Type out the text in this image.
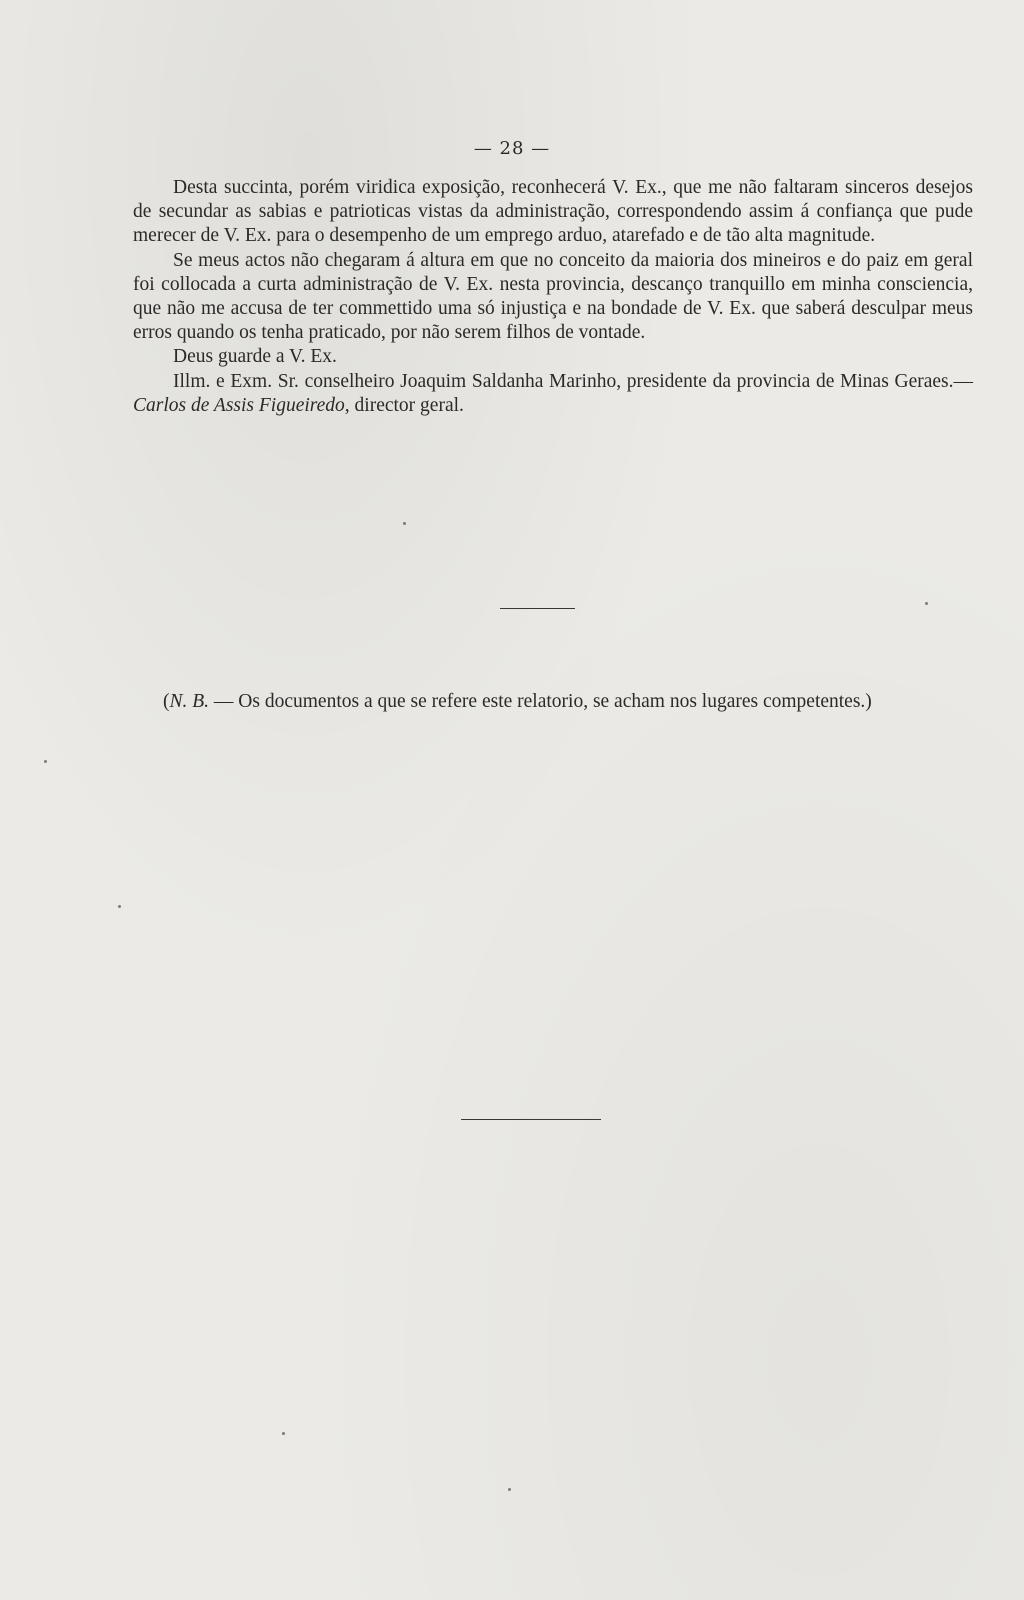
— 28 —

Desta succinta, porém viridica exposição, reconhecerá V. Ex., que me não faltaram sinceros desejos de secundar as sabias e patrioticas vistas da administração, correspondendo assim á confiança que pude merecer de V. Ex. para o desempenho de um emprego arduo, atarefado e de tão alta magnitude.

Se meus actos não chegaram á altura em que no conceito da maioria dos mineiros e do paiz em geral foi collocada a curta administração de V. Ex. nesta provincia, descanço tranquillo em minha consciencia, que não me accusa de ter commettido uma só injustiça e na bondade de V. Ex. que saberá desculpar meus erros quando os tenha praticado, por não serem filhos de vontade.

Deus guarde a V. Ex.

Illm. e Exm. Sr. conselheiro Joaquim Saldanha Marinho, presidente da provincia de Minas Geraes.—Carlos de Assis Figueiredo, director geral.

(N. B. — Os documentos a que se refere este relatorio, se acham nos lugares competentes.)
